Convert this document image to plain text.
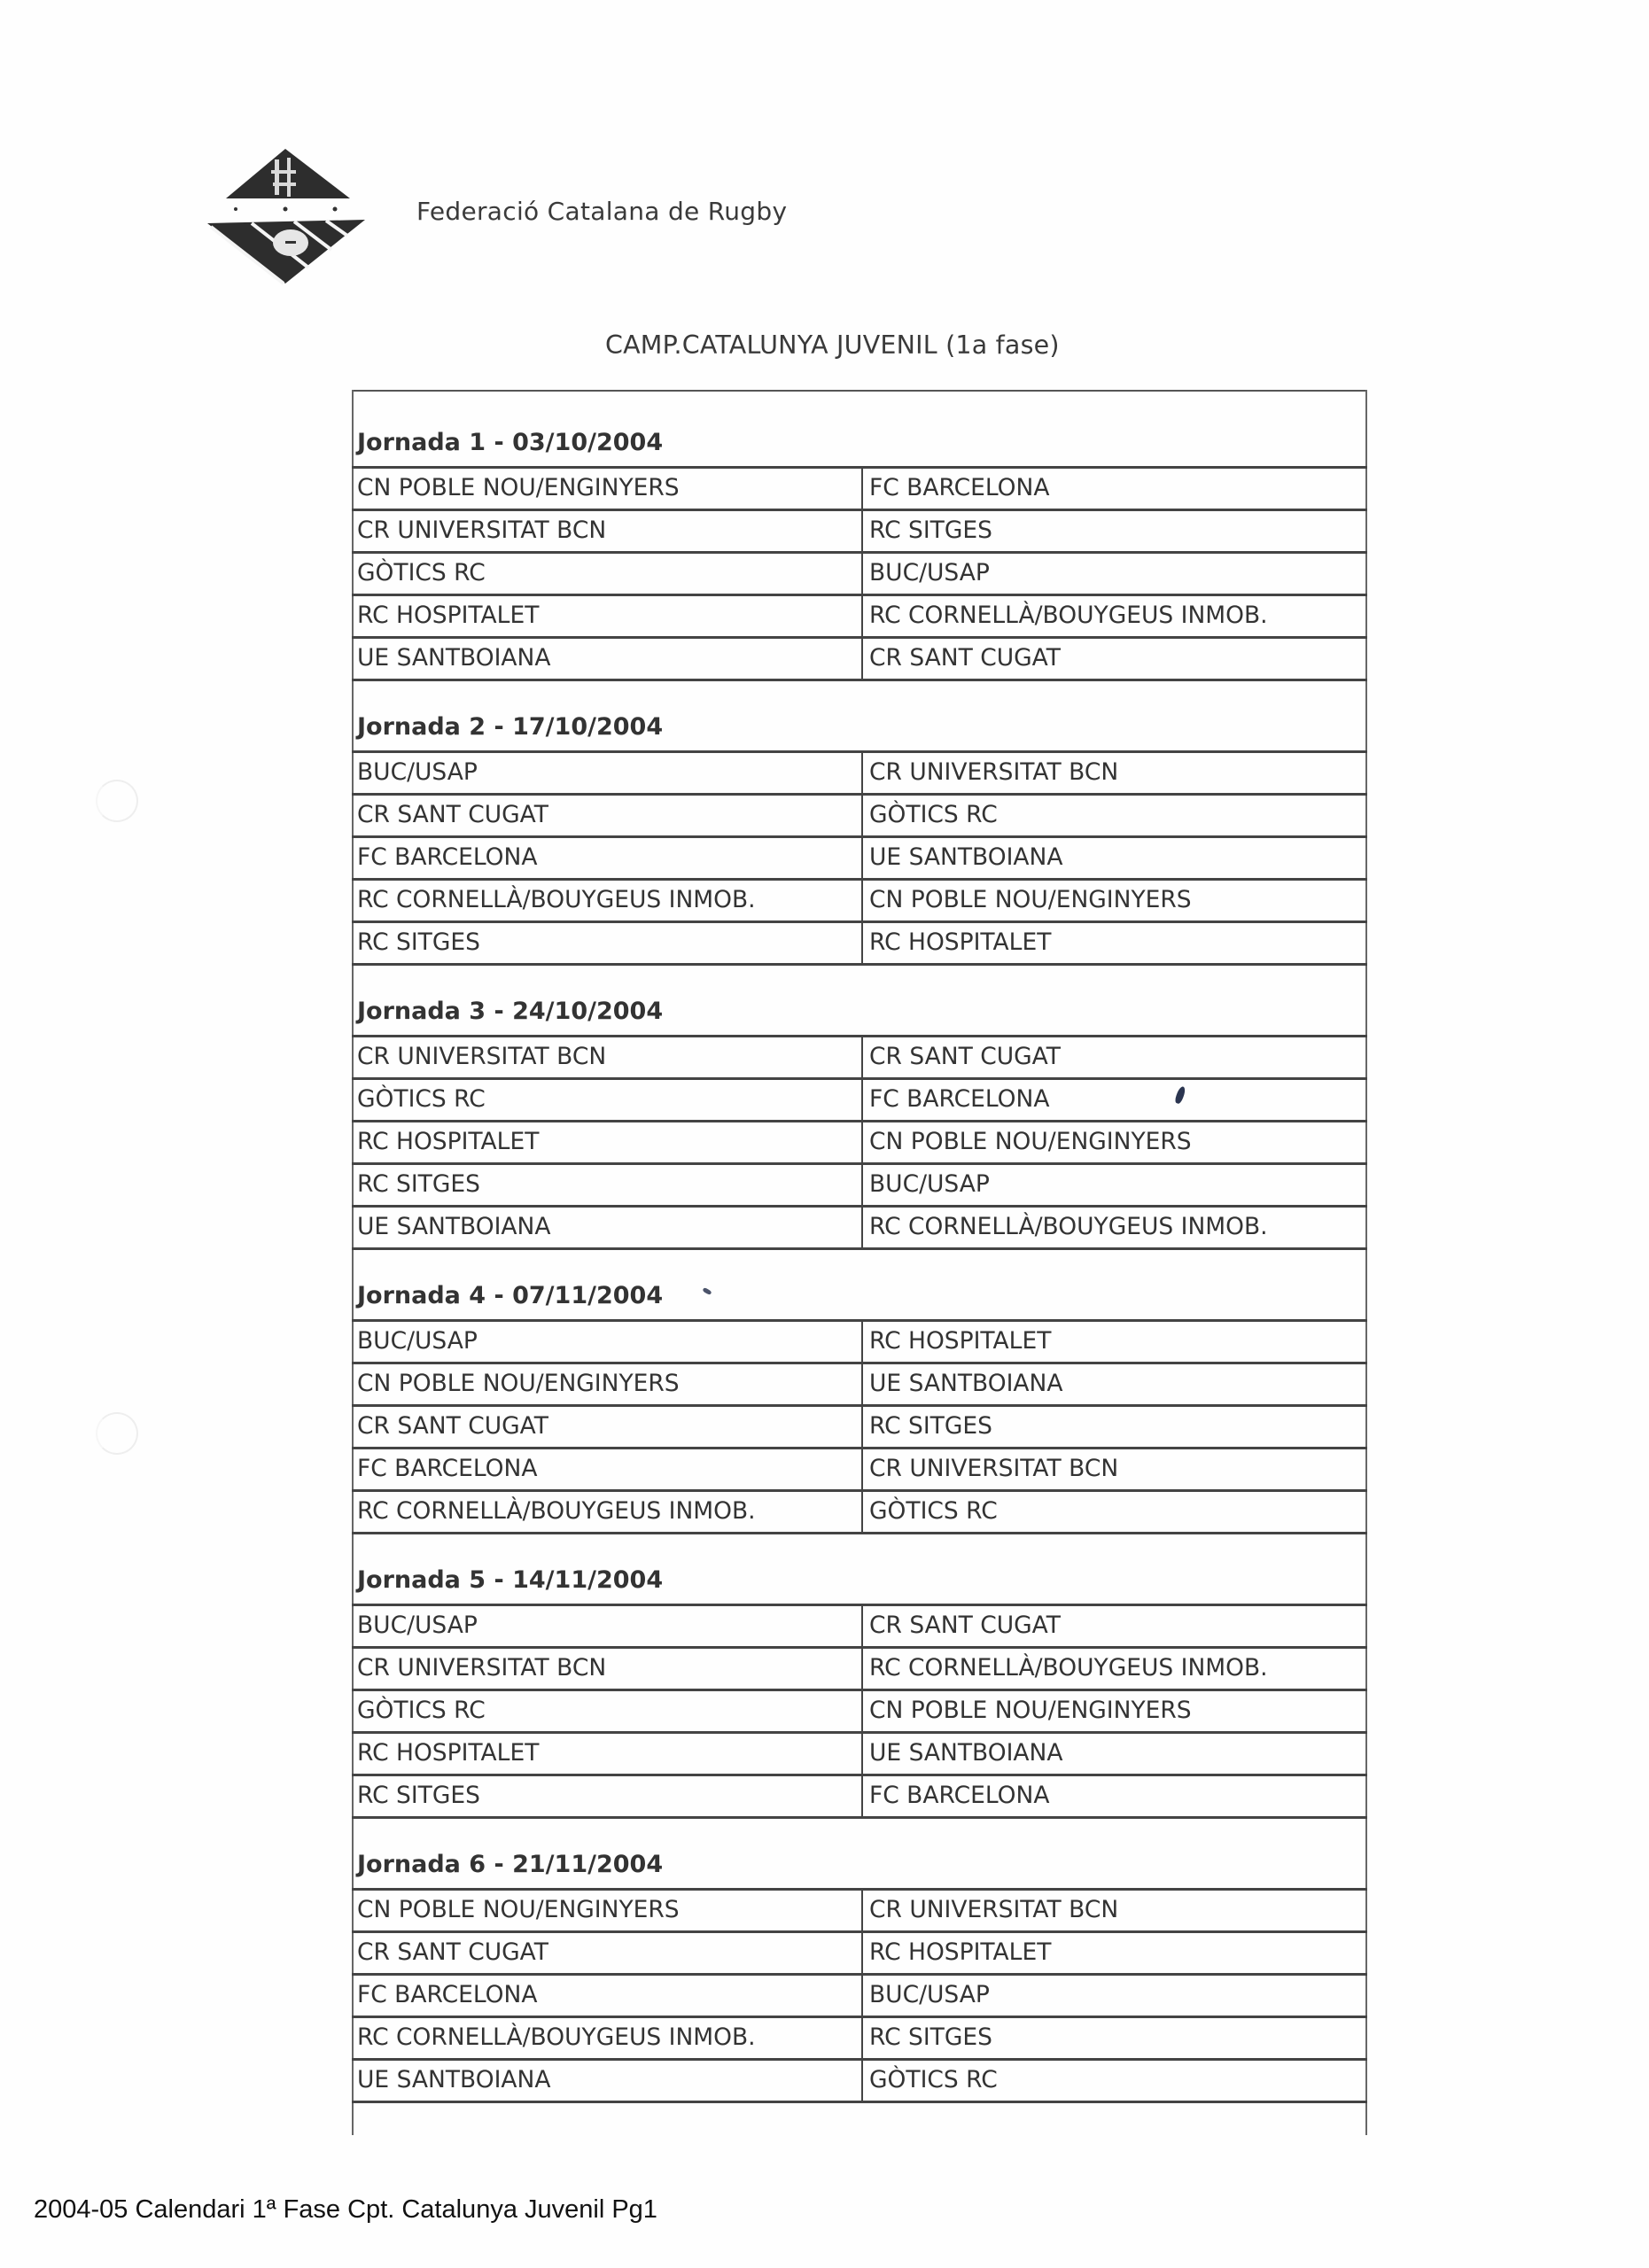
Federació Catalana de Rugby
CAMP.CATALUNYA JUVENIL (1a fase)
Jornada 1 - 03/10/2004
CN POBLE NOU/ENGINYERS	FC BARCELONA
CR UNIVERSITAT BCN	RC SITGES
GÒTICS RC	BUC/USAP
RC HOSPITALET	RC CORNELLÀ/BOUYGEUS INMOB.
UE SANTBOIANA	CR SANT CUGAT
Jornada 2 - 17/10/2004
BUC/USAP	CR UNIVERSITAT BCN
CR SANT CUGAT	GÒTICS RC
FC BARCELONA	UE SANTBOIANA
RC CORNELLÀ/BOUYGEUS INMOB.	CN POBLE NOU/ENGINYERS
RC SITGES	RC HOSPITALET
Jornada 3 - 24/10/2004
CR UNIVERSITAT BCN	CR SANT CUGAT
GÒTICS RC	FC BARCELONA
RC HOSPITALET	CN POBLE NOU/ENGINYERS
RC SITGES	BUC/USAP
UE SANTBOIANA	RC CORNELLÀ/BOUYGEUS INMOB.
Jornada 4 - 07/11/2004
BUC/USAP	RC HOSPITALET
CN POBLE NOU/ENGINYERS	UE SANTBOIANA
CR SANT CUGAT	RC SITGES
FC BARCELONA	CR UNIVERSITAT BCN
RC CORNELLÀ/BOUYGEUS INMOB.	GÒTICS RC
Jornada 5 - 14/11/2004
BUC/USAP	CR SANT CUGAT
CR UNIVERSITAT BCN	RC CORNELLÀ/BOUYGEUS INMOB.
GÒTICS RC	CN POBLE NOU/ENGINYERS
RC HOSPITALET	UE SANTBOIANA
RC SITGES	FC BARCELONA
Jornada 6 - 21/11/2004
CN POBLE NOU/ENGINYERS	CR UNIVERSITAT BCN
CR SANT CUGAT	RC HOSPITALET
FC BARCELONA	BUC/USAP
RC CORNELLÀ/BOUYGEUS INMOB.	RC SITGES
UE SANTBOIANA	GÒTICS RC
2004-05 Calendari 1ª Fase Cpt. Catalunya Juvenil Pg1
